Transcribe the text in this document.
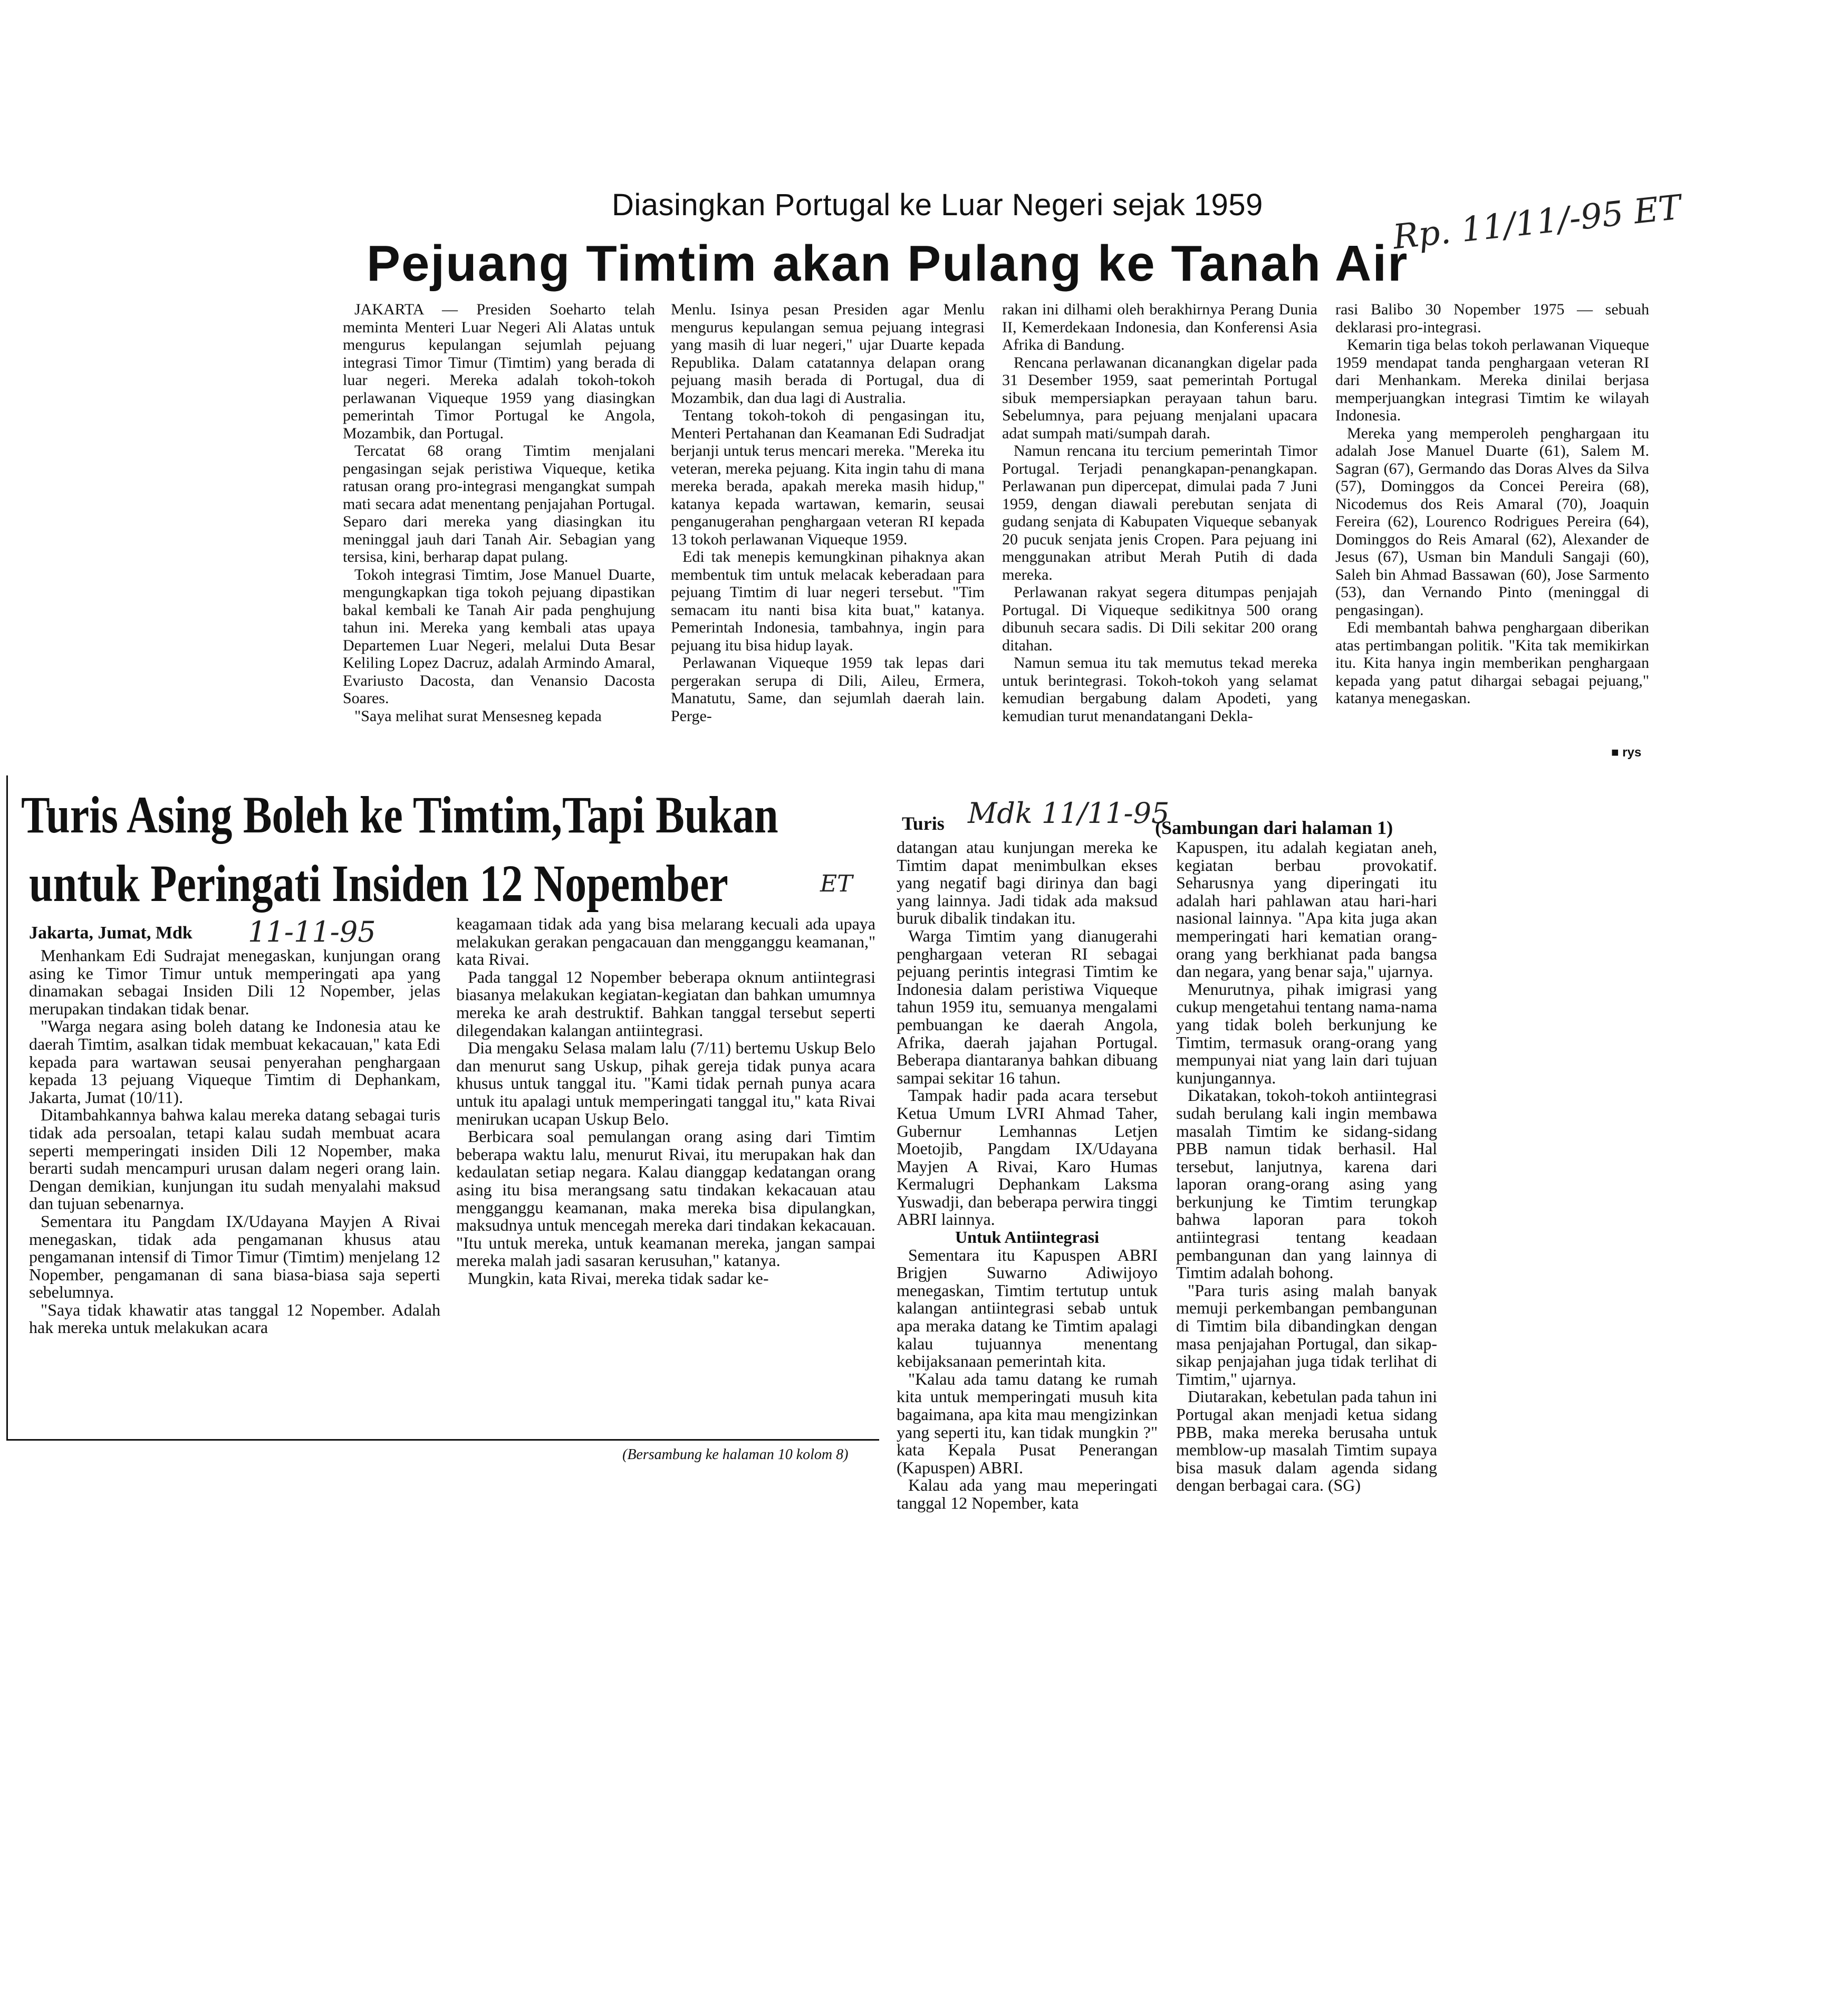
Diasingkan Portugal ke Luar Negeri sejak 1959	Rp. 11/11/-95 ET
Pejuang Timtim akan Pulang ke Tanah Air

JAKARTA — Presiden Soeharto telah meminta Menteri Luar Negeri Ali Alatas untuk mengurus kepulangan sejumlah pejuang integrasi Timor Timur (Timtim) yang berada di luar negeri. Mereka adalah tokoh-tokoh perlawanan Viqueque 1959 yang diasingkan pemerintah Timor Portugal ke Angola, Mozambik, dan Portugal.

Tercatat 68 orang Timtim menjalani pengasingan sejak peristiwa Viqueque, ketika ratusan orang pro-integrasi mengangkat sumpah mati secara adat menentang penjajahan Portugal. Separo dari mereka yang diasingkan itu meninggal jauh dari Tanah Air. Sebagian yang tersisa, kini, berharap dapat pulang.

Tokoh integrasi Timtim, Jose Manuel Duarte, mengungkapkan tiga tokoh pejuang dipastikan bakal kembali ke Tanah Air pada penghujung tahun ini. Mereka yang kembali atas upaya Departemen Luar Negeri, melalui Duta Besar Keliling Lopez Dacruz, adalah Armindo Amaral, Evariusto Dacosta, dan Venansio Dacosta Soares.

"Saya melihat surat Mensesneg kepada

Menlu. Isinya pesan Presiden agar Menlu mengurus kepulangan semua pejuang integrasi yang masih di luar negeri," ujar Duarte kepada Republika. Dalam catatannya delapan orang pejuang masih berada di Portugal, dua di Mozambik, dan dua lagi di Australia.

Tentang tokoh-tokoh di pengasingan itu, Menteri Pertahanan dan Keamanan Edi Sudradjat berjanji untuk terus mencari mereka. "Mereka itu veteran, mereka pejuang. Kita ingin tahu di mana mereka berada, apakah mereka masih hidup," katanya kepada wartawan, kemarin, seusai penganugerahan penghargaan veteran RI kepada 13 tokoh perlawanan Viqueque 1959.

Edi tak menepis kemungkinan pihaknya akan membentuk tim untuk melacak keberadaan para pejuang Timtim di luar negeri tersebut. "Tim semacam itu nanti bisa kita buat," katanya. Pemerintah Indonesia, tambahnya, ingin para pejuang itu bisa hidup layak.

Perlawanan Viqueque 1959 tak lepas dari pergerakan serupa di Dili, Aileu, Ermera, Manatutu, Same, dan sejumlah daerah lain. Perge-

rakan ini dilhami oleh berakhirnya Perang Dunia II, Kemerdekaan Indonesia, dan Konferensi Asia Afrika di Bandung.

Rencana perlawanan dicanangkan digelar pada 31 Desember 1959, saat pemerintah Portugal sibuk mempersiapkan perayaan tahun baru. Sebelumnya, para pejuang menjalani upacara adat sumpah mati/sumpah darah.

Namun rencana itu tercium pemerintah Timor Portugal. Terjadi penangkapan-penangkapan. Perlawanan pun dipercepat, dimulai pada 7 Juni 1959, dengan diawali perebutan senjata di gudang senjata di Kabupaten Viqueque sebanyak 20 pucuk senjata jenis Cropen. Para pejuang ini menggunakan atribut Merah Putih di dada mereka.

Perlawanan rakyat segera ditumpas penjajah Portugal. Di Viqueque sedikitnya 500 orang dibunuh secara sadis. Di Dili sekitar 200 orang ditahan.

Namun semua itu tak memutus tekad mereka untuk berintegrasi. Tokoh-tokoh yang selamat kemudian bergabung dalam Apodeti, yang kemudian turut menandatangani Dekla-

rasi Balibo 30 Nopember 1975 — sebuah deklarasi pro-integrasi.

Kemarin tiga belas tokoh perlawanan Viqueque 1959 mendapat tanda penghargaan veteran RI dari Menhankam. Mereka dinilai berjasa memperjuangkan integrasi Timtim ke wilayah Indonesia.

Mereka yang memperoleh penghargaan itu adalah Jose Manuel Duarte (61), Salem M. Sagran (67), Germando das Doras Alves da Silva (57), Dominggos da Concei Pereira (68), Nicodemus dos Reis Amaral (70), Joaquin Fereira (62), Lourenco Rodrigues Pereira (64), Dominggos do Reis Amaral (62), Alexander de Jesus (67), Usman bin Manduli Sangaji (60), Saleh bin Ahmad Bassawan (60), Jose Sarmento (53), dan Vernando Pinto (meninggal di pengasingan).

Edi membantah bahwa penghargaan diberikan atas pertimbangan politik. "Kita tak memikirkan itu. Kita hanya ingin memberikan penghargaan kepada yang patut dihargai sebagai pejuang," katanya menegaskan.

■ rys
Turis Asing Boleh ke Timtim,Tapi Bukan
untuk Peringati Insiden 12 Nopember	ET
Jakarta, Jumat, Mdk 11-11-95

Menhankam Edi Sudrajat menegaskan, kunjungan orang asing ke Timor Timur untuk memperingati apa yang dinamakan sebagai Insiden Dili 12 Nopember, jelas merupakan tindakan tidak benar.

"Warga negara asing boleh datang ke Indonesia atau ke daerah Timtim, asalkan tidak membuat kekacauan," kata Edi kepada para wartawan seusai penyerahan penghargaan kepada 13 pejuang Viqueque Timtim di Dephankam, Jakarta, Jumat (10/11).

Ditambahkannya bahwa kalau mereka datang sebagai turis tidak ada persoalan, tetapi kalau sudah membuat acara seperti memperingati insiden Dili 12 Nopember, maka berarti sudah mencampuri urusan dalam negeri orang lain. Dengan demikian, kunjungan itu sudah menyalahi maksud dan tujuan sebenarnya.

Sementara itu Pangdam IX/Udayana Mayjen A Rivai menegaskan, tidak ada pengamanan khusus atau pengamanan intensif di Timor Timur (Timtim) menjelang 12 Nopember, pengamanan di sana biasa-biasa saja seperti sebelumnya.

"Saya tidak khawatir atas tanggal 12 Nopember. Adalah hak mereka untuk melakukan acara

keagamaan tidak ada yang bisa melarang kecuali ada upaya melakukan gerakan pengacauan dan mengganggu keamanan," kata Rivai.

Pada tanggal 12 Nopember beberapa oknum antiintegrasi biasanya melakukan kegiatan-kegiatan dan bahkan umumnya mereka ke arah destruktif. Bahkan tanggal tersebut seperti dilegendakan kalangan antiintegrasi.

Dia mengaku Selasa malam lalu (7/11) bertemu Uskup Belo dan menurut sang Uskup, pihak gereja tidak punya acara khusus untuk tanggal itu. "Kami tidak pernah punya acara untuk itu apalagi untuk memperingati tanggal itu," kata Rivai menirukan ucapan Uskup Belo.

Berbicara soal pemulangan orang asing dari Timtim beberapa waktu lalu, menurut Rivai, itu merupakan hak dan kedaulatan setiap negara. Kalau dianggap kedatangan orang asing itu bisa merangsang satu tindakan kekacauan atau mengganggu keamanan, maka mereka bisa dipulangkan, maksudnya untuk mencegah mereka dari tindakan kekacauan. "Itu untuk mereka, untuk keamanan mereka, jangan sampai mereka malah jadi sasaran kerusuhan," katanya.

Mungkin, kata Rivai, mereka tidak sadar ke-

(Bersambung ke halaman 10 kolom 8)
Turis Mdk 11/11-95
(Sambungan dari halaman 1)

datangan atau kunjungan mereka ke Timtim dapat menimbulkan ekses yang negatif bagi dirinya dan bagi yang lainnya. Jadi tidak ada maksud buruk dibalik tindakan itu.

Warga Timtim yang dianugerahi penghargaan veteran RI sebagai pejuang perintis integrasi Timtim ke Indonesia dalam peristiwa Viqueque tahun 1959 itu, semuanya mengalami pembuangan ke daerah Angola, Afrika, daerah jajahan Portugal. Beberapa diantaranya bahkan dibuang sampai sekitar 16 tahun.

Tampak hadir pada acara tersebut Ketua Umum LVRI Ahmad Taher, Gubernur Lemhannas Letjen Moetojib, Pangdam IX/Udayana Mayjen A Rivai, Karo Humas Kermalugri Dephankam Laksma Yuswadji, dan beberapa perwira tinggi ABRI lainnya.

Untuk Antiintegrasi

Sementara itu Kapuspen ABRI Brigjen Suwarno Adiwijoyo menegaskan, Timtim tertutup untuk kalangan antiintegrasi sebab untuk apa meraka datang ke Timtim apalagi kalau tujuannya menentang kebijaksanaan pemerintah kita.

"Kalau ada tamu datang ke rumah kita untuk memperingati musuh kita bagaimana, apa kita mau mengizinkan yang seperti itu, kan tidak mungkin ?" kata Kepala Pusat Penerangan (Kapuspen) ABRI.

Kalau ada yang mau meperingati tanggal 12 Nopember, kata

Kapuspen, itu adalah kegiatan aneh, kegiatan berbau provokatif. Seharusnya yang diperingati itu adalah hari pahlawan atau hari-hari nasional lainnya. "Apa kita juga akan memperingati hari kematian orang-orang yang berkhianat pada bangsa dan negara, yang benar saja," ujarnya.

Menurutnya, pihak imigrasi yang cukup mengetahui tentang nama-nama yang tidak boleh berkunjung ke Timtim, termasuk orang-orang yang mempunyai niat yang lain dari tujuan kunjungannya.

Dikatakan, tokoh-tokoh antiintegrasi sudah berulang kali ingin membawa masalah Timtim ke sidang-sidang PBB namun tidak berhasil. Hal tersebut, lanjutnya, karena dari laporan orang-orang asing yang berkunjung ke Timtim terungkap bahwa laporan para tokoh antiintegrasi tentang keadaan pembangunan dan yang lainnya di Timtim adalah bohong.

"Para turis asing malah banyak memuji perkembangan pembangunan di Timtim bila dibandingkan dengan masa penjajahan Portugal, dan sikap-sikap penjajahan juga tidak terlihat di Timtim," ujarnya.

Diutarakan, kebetulan pada tahun ini Portugal akan menjadi ketua sidang PBB, maka mereka berusaha untuk memblow-up masalah Timtim supaya bisa masuk dalam agenda sidang dengan berbagai cara. (SG)
